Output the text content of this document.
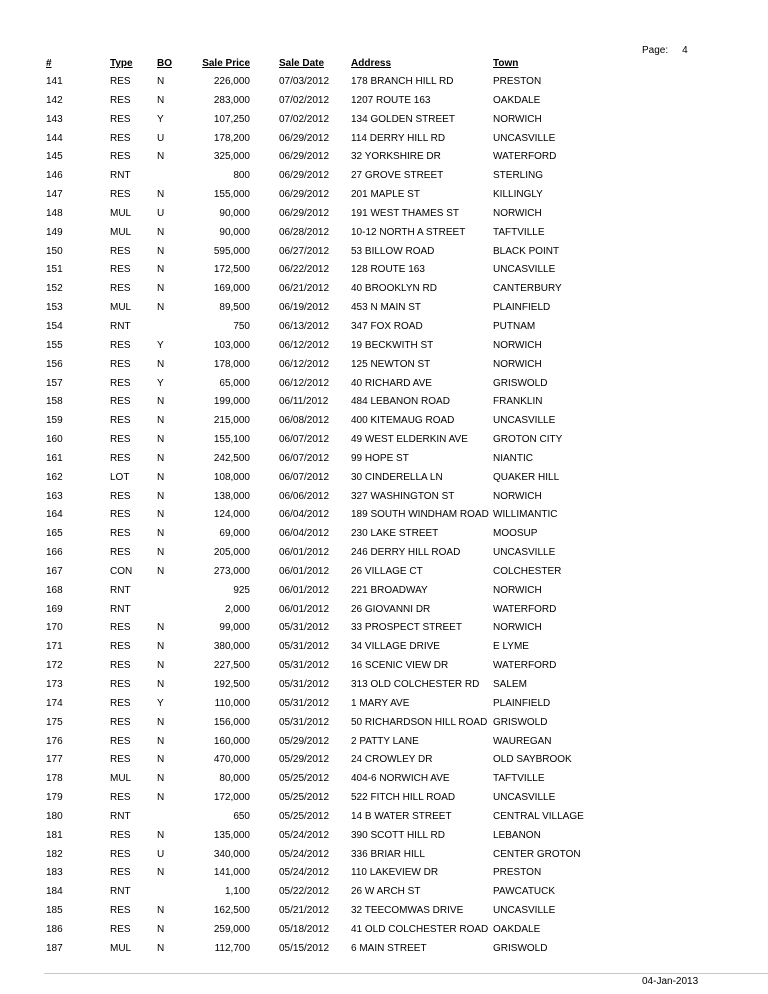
Page: 4
#	Type	BO	Sale Price	Sale Date	Address	Town
141	RES	N	226,000	07/03/2012	178 BRANCH HILL RD	PRESTON
142	RES	N	283,000	07/02/2012	1207 ROUTE 163	OAKDALE
143	RES	Y	107,250	07/02/2012	134 GOLDEN STREET	NORWICH
144	RES	U	178,200	06/29/2012	114 DERRY HILL RD	UNCASVILLE
145	RES	N	325,000	06/29/2012	32 YORKSHIRE DR	WATERFORD
146	RNT		800	06/29/2012	27 GROVE STREET	STERLING
147	RES	N	155,000	06/29/2012	201 MAPLE ST	KILLINGLY
148	MUL	U	90,000	06/29/2012	191 WEST THAMES ST	NORWICH
149	MUL	N	90,000	06/28/2012	10-12 NORTH A STREET	TAFTVILLE
150	RES	N	595,000	06/27/2012	53 BILLOW ROAD	BLACK POINT
151	RES	N	172,500	06/22/2012	128 ROUTE 163	UNCASVILLE
152	RES	N	169,000	06/21/2012	40 BROOKLYN RD	CANTERBURY
153	MUL	N	89,500	06/19/2012	453 N MAIN ST	PLAINFIELD
154	RNT		750	06/13/2012	347 FOX ROAD	PUTNAM
155	RES	Y	103,000	06/12/2012	19 BECKWITH ST	NORWICH
156	RES	N	178,000	06/12/2012	125 NEWTON ST	NORWICH
157	RES	Y	65,000	06/12/2012	40 RICHARD AVE	GRISWOLD
158	RES	N	199,000	06/11/2012	484 LEBANON ROAD	FRANKLIN
159	RES	N	215,000	06/08/2012	400 KITEMAUG ROAD	UNCASVILLE
160	RES	N	155,100	06/07/2012	49 WEST ELDERKIN AVE	GROTON CITY
161	RES	N	242,500	06/07/2012	99 HOPE ST	NIANTIC
162	LOT	N	108,000	06/07/2012	30 CINDERELLA LN	QUAKER HILL
163	RES	N	138,000	06/06/2012	327 WASHINGTON ST	NORWICH
164	RES	N	124,000	06/04/2012	189 SOUTH WINDHAM ROAD	WILLIMANTIC
165	RES	N	69,000	06/04/2012	230 LAKE STREET	MOOSUP
166	RES	N	205,000	06/01/2012	246 DERRY HILL ROAD	UNCASVILLE
167	CON	N	273,000	06/01/2012	26 VILLAGE CT	COLCHESTER
168	RNT		925	06/01/2012	221 BROADWAY	NORWICH
169	RNT		2,000	06/01/2012	26 GIOVANNI DR	WATERFORD
170	RES	N	99,000	05/31/2012	33 PROSPECT STREET	NORWICH
171	RES	N	380,000	05/31/2012	34 VILLAGE DRIVE	E LYME
172	RES	N	227,500	05/31/2012	16 SCENIC VIEW DR	WATERFORD
173	RES	N	192,500	05/31/2012	313 OLD COLCHESTER RD	SALEM
174	RES	Y	110,000	05/31/2012	1 MARY AVE	PLAINFIELD
175	RES	N	156,000	05/31/2012	50 RICHARDSON HILL ROAD	GRISWOLD
176	RES	N	160,000	05/29/2012	2 PATTY LANE	WAUREGAN
177	RES	N	470,000	05/29/2012	24 CROWLEY DR	OLD SAYBROOK
178	MUL	N	80,000	05/25/2012	404-6 NORWICH AVE	TAFTVILLE
179	RES	N	172,000	05/25/2012	522 FITCH HILL ROAD	UNCASVILLE
180	RNT		650	05/25/2012	14 B WATER STREET	CENTRAL VILLAGE
181	RES	N	135,000	05/24/2012	390 SCOTT HILL RD	LEBANON
182	RES	U	340,000	05/24/2012	336 BRIAR HILL	CENTER GROTON
183	RES	N	141,000	05/24/2012	110 LAKEVIEW DR	PRESTON
184	RNT		1,100	05/22/2012	26 W ARCH ST	PAWCATUCK
185	RES	N	162,500	05/21/2012	32 TEECOMWAS DRIVE	UNCASVILLE
186	RES	N	259,000	05/18/2012	41 OLD COLCHESTER ROAD	OAKDALE
187	MUL	N	112,700	05/15/2012	6 MAIN STREET	GRISWOLD
04-Jan-2013
